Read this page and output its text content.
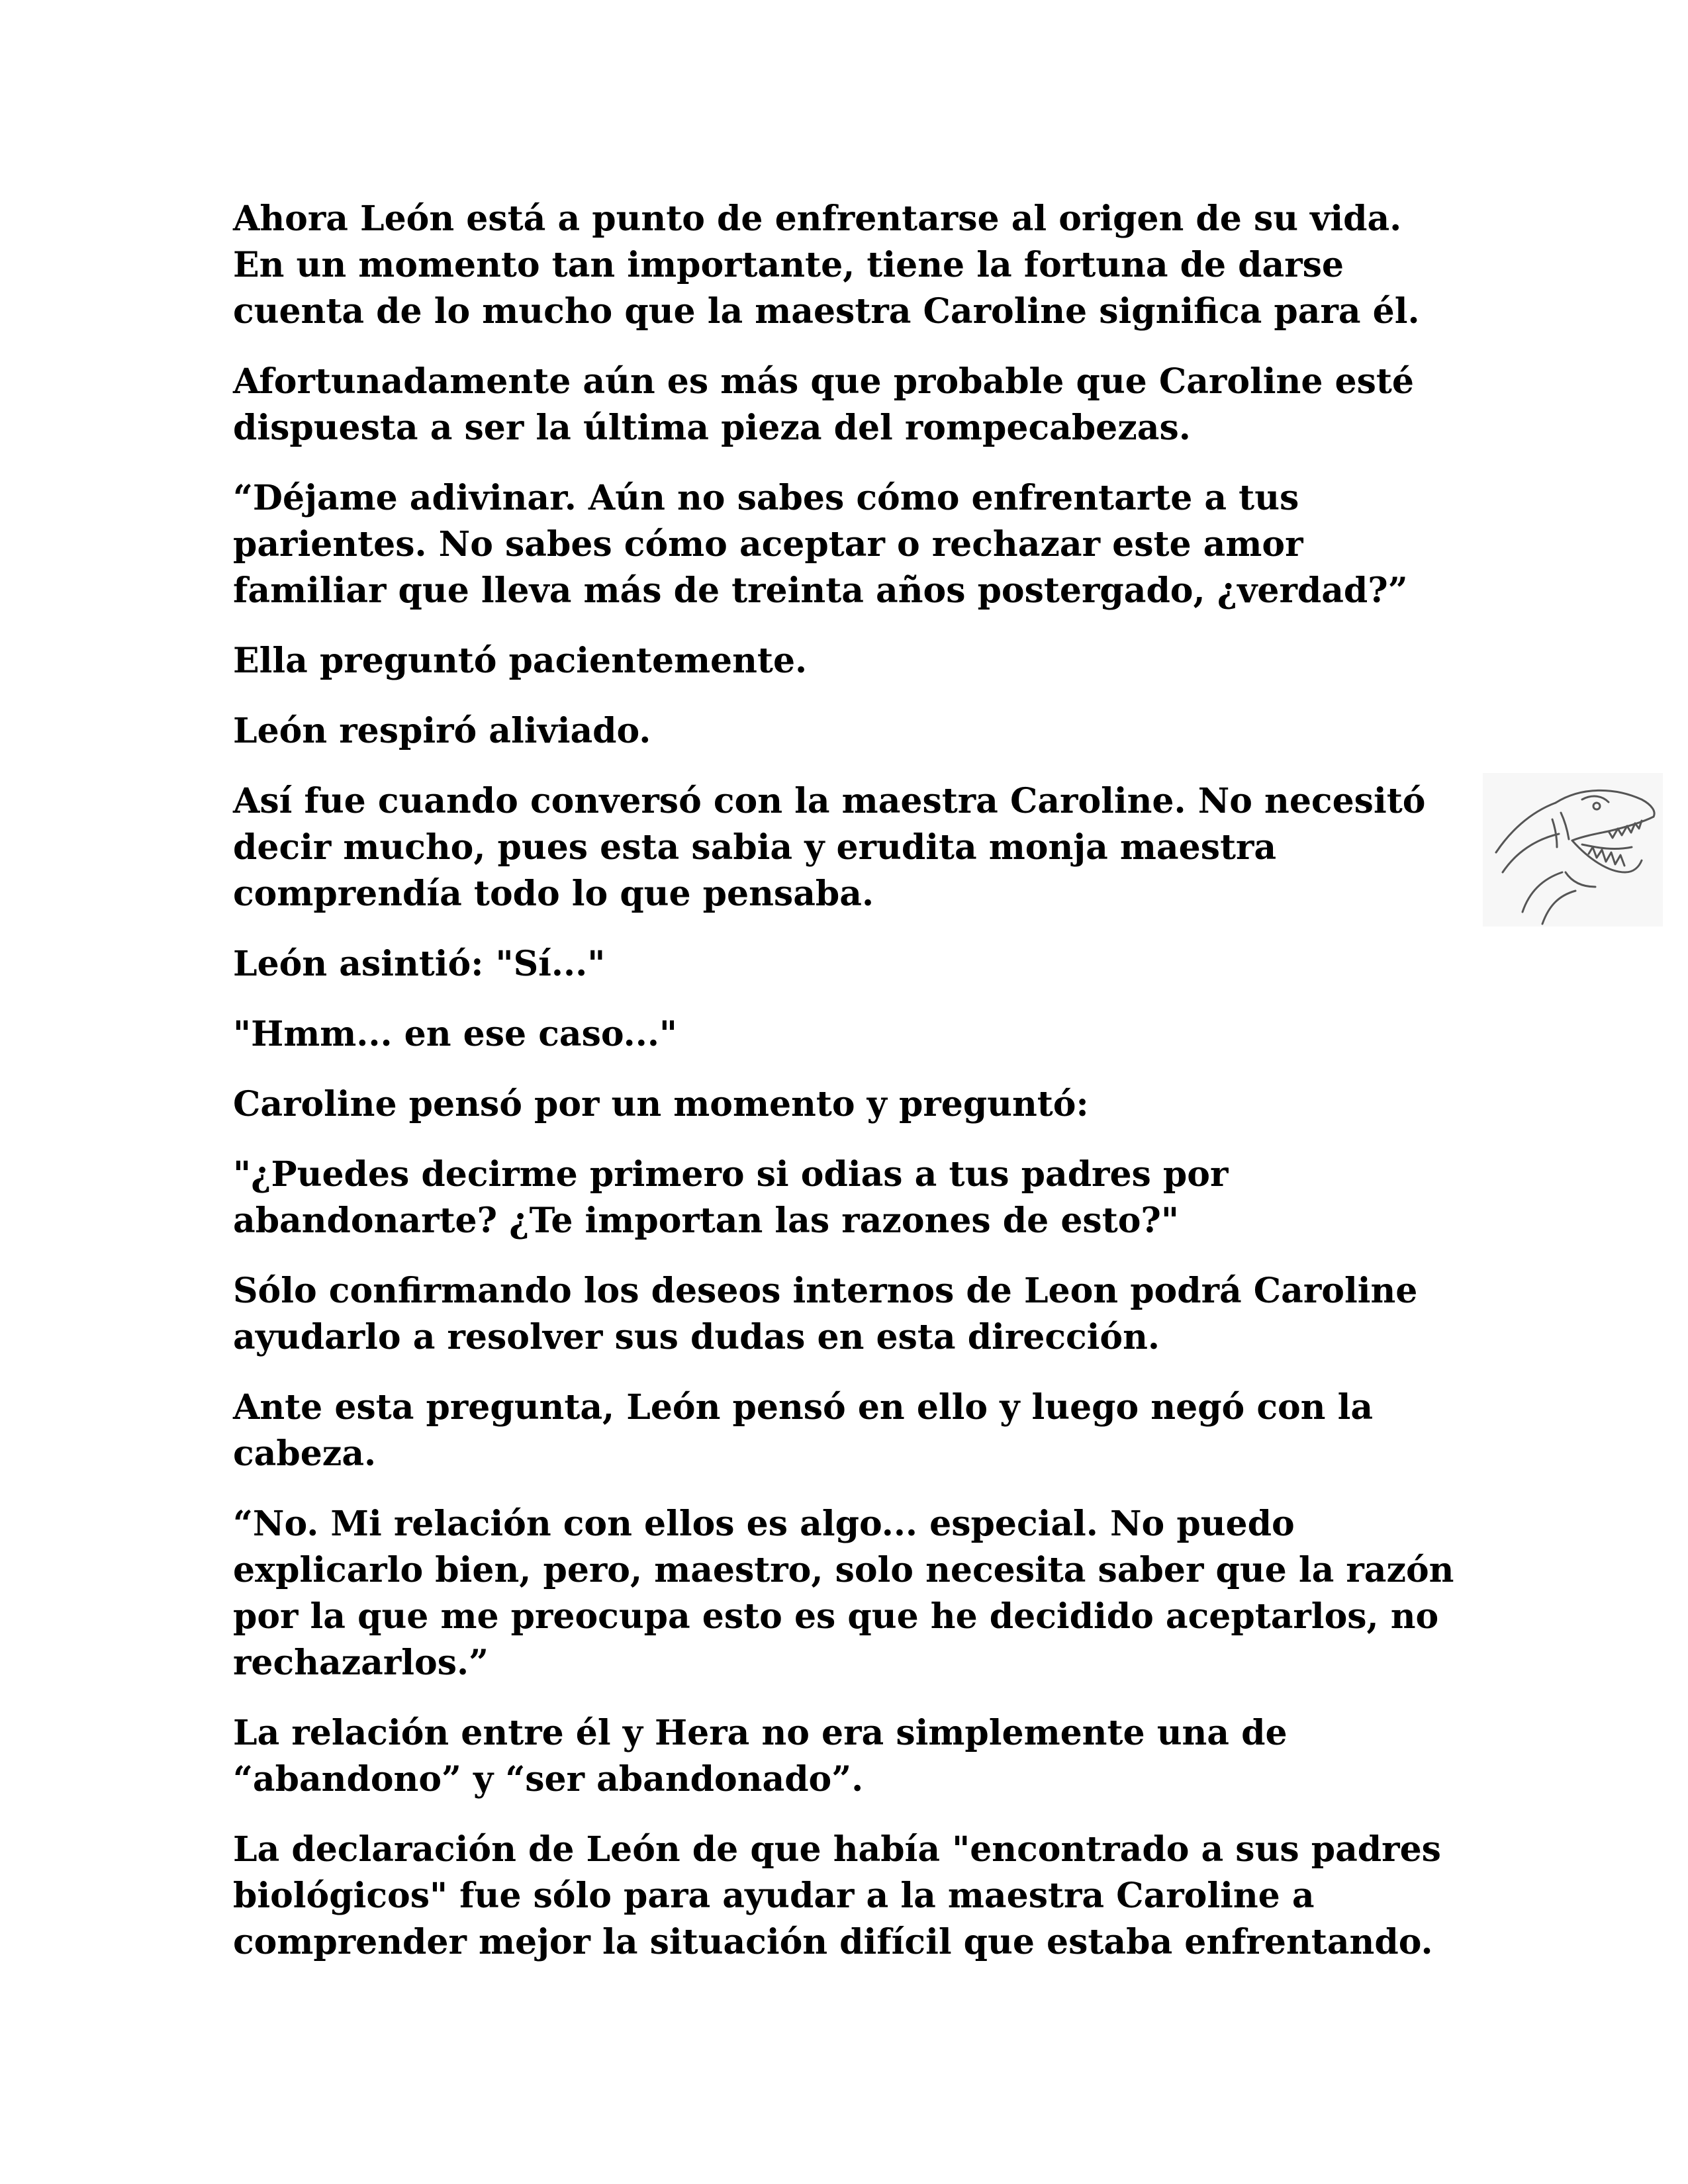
Ahora León está a punto de enfrentarse al origen de su vida.
En un momento tan importante, tiene la fortuna de darse
cuenta de lo mucho que la maestra Caroline significa para él.

Afortunadamente aún es más que probable que Caroline esté
dispuesta a ser la última pieza del rompecabezas.

“Déjame adivinar. Aún no sabes cómo enfrentarte a tus
parientes. No sabes cómo aceptar o rechazar este amor
familiar que lleva más de treinta años postergado, ¿verdad?”

Ella preguntó pacientemente.

León respiró aliviado.

Así fue cuando conversó con la maestra Caroline. No necesitó
decir mucho, pues esta sabia y erudita monja maestra
comprendía todo lo que pensaba.

León asintió: "Sí..."

"Hmm... en ese caso..."

Caroline pensó por un momento y preguntó:

"¿Puedes decirme primero si odias a tus padres por
abandonarte? ¿Te importan las razones de esto?"

Sólo confirmando los deseos internos de Leon podrá Caroline
ayudarlo a resolver sus dudas en esta dirección.

Ante esta pregunta, León pensó en ello y luego negó con la
cabeza.

“No. Mi relación con ellos es algo... especial. No puedo
explicarlo bien, pero, maestro, solo necesita saber que la razón
por la que me preocupa esto es que he decidido aceptarlos, no
rechazarlos.”

La relación entre él y Hera no era simplemente una de
“abandono” y “ser abandonado”.

La declaración de León de que había "encontrado a sus padres
biológicos" fue sólo para ayudar a la maestra Caroline a
comprender mejor la situación difícil que estaba enfrentando.
